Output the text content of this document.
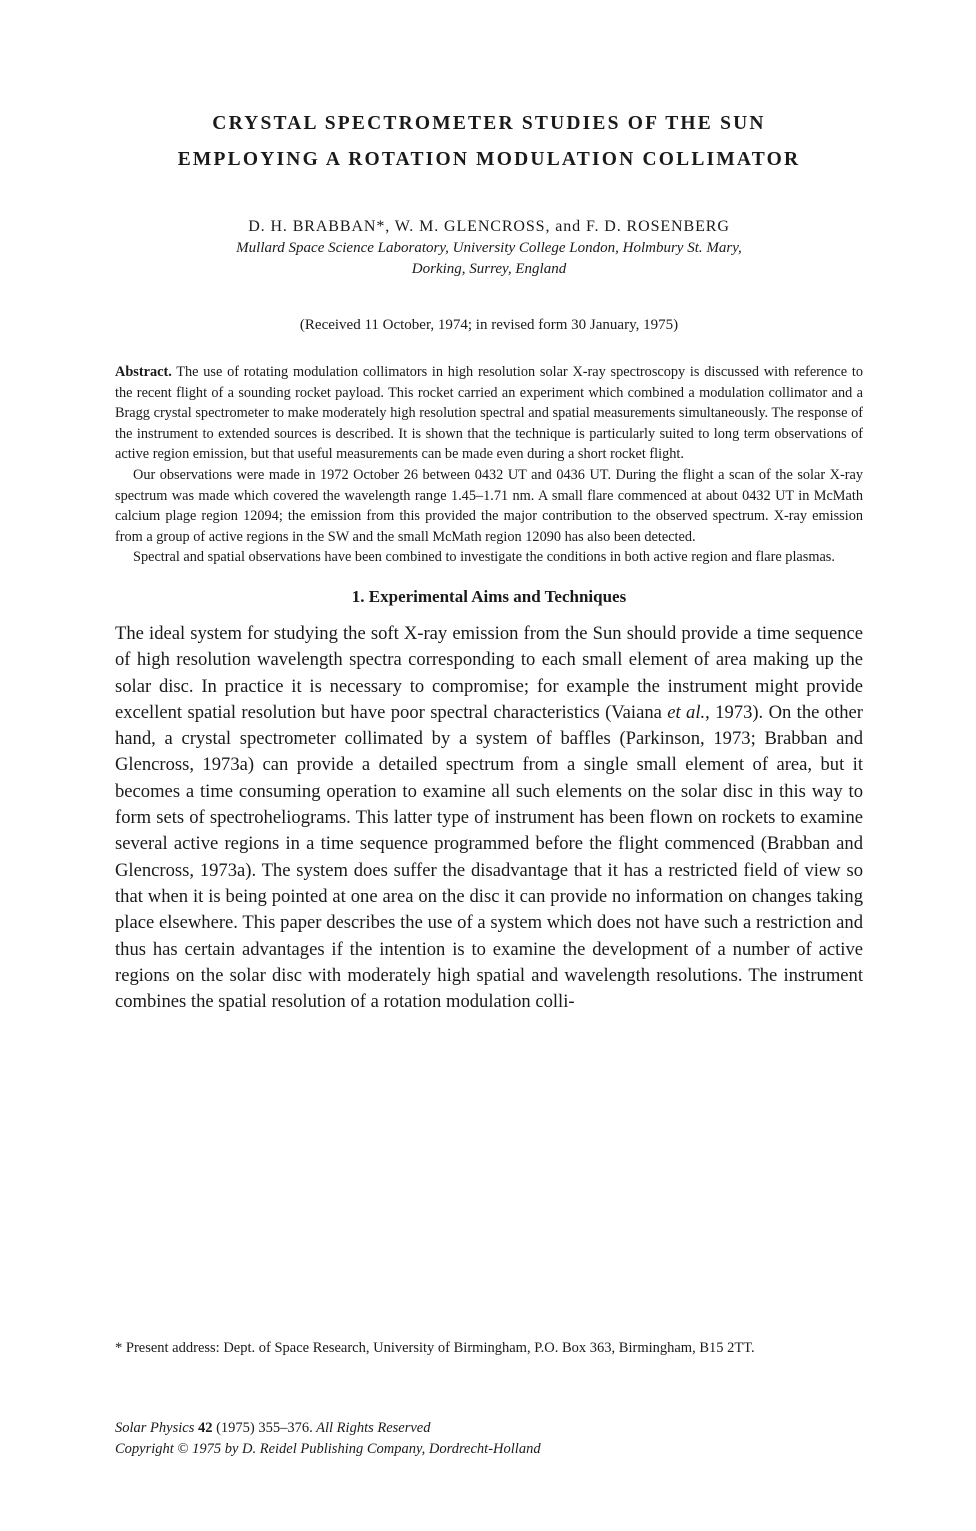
CRYSTAL SPECTROMETER STUDIES OF THE SUN
EMPLOYING A ROTATION MODULATION COLLIMATOR
D. H. BRABBAN*, W. M. GLENCROSS, and F. D. ROSENBERG
Mullard Space Science Laboratory, University College London, Holmbury St. Mary,
Dorking, Surrey, England
(Received 11 October, 1974; in revised form 30 January, 1975)

Abstract. The use of rotating modulation collimators in high resolution solar X-ray spectroscopy is discussed with reference to the recent flight of a sounding rocket payload. This rocket carried an experiment which combined a modulation collimator and a Bragg crystal spectrometer to make moderately high resolution spectral and spatial measurements simultaneously. The response of the instrument to extended sources is described. It is shown that the technique is particularly suited to long term observations of active region emission, but that useful measurements can be made even during a short rocket flight.

Our observations were made in 1972 October 26 between 0432 UT and 0436 UT. During the flight a scan of the solar X-ray spectrum was made which covered the wavelength range 1.45–1.71 nm. A small flare commenced at about 0432 UT in McMath calcium plage region 12094; the emission from this provided the major contribution to the observed spectrum. X-ray emission from a group of active regions in the SW and the small McMath region 12090 has also been detected.

Spectral and spatial observations have been combined to investigate the conditions in both active region and flare plasmas.

1. Experimental Aims and Techniques
The ideal system for studying the soft X-ray emission from the Sun should provide a time sequence of high resolution wavelength spectra corresponding to each small element of area making up the solar disc. In practice it is necessary to compromise; for example the instrument might provide excellent spatial resolution but have poor spectral characteristics (Vaiana et al., 1973). On the other hand, a crystal spectrometer collimated by a system of baffles (Parkinson, 1973; Brabban and Glencross, 1973a) can provide a detailed spectrum from a single small element of area, but it becomes a time consuming operation to examine all such elements on the solar disc in this way to form sets of spectroheliograms. This latter type of instrument has been flown on rockets to examine several active regions in a time sequence programmed before the flight commenced (Brabban and Glencross, 1973a). The system does suffer the disadvantage that it has a restricted field of view so that when it is being pointed at one area on the disc it can provide no information on changes taking place elsewhere. This paper describes the use of a system which does not have such a restriction and thus has certain advantages if the intention is to examine the development of a number of active regions on the solar disc with moderately high spatial and wavelength resolutions. The instrument combines the spatial resolution of a rotation modulation colli-
* Present address: Dept. of Space Research, University of Birmingham, P.O. Box 363, Birmingham, B15 2TT.
Solar Physics 42 (1975) 355–376. All Rights Reserved
Copyright © 1975 by D. Reidel Publishing Company, Dordrecht-Holland
